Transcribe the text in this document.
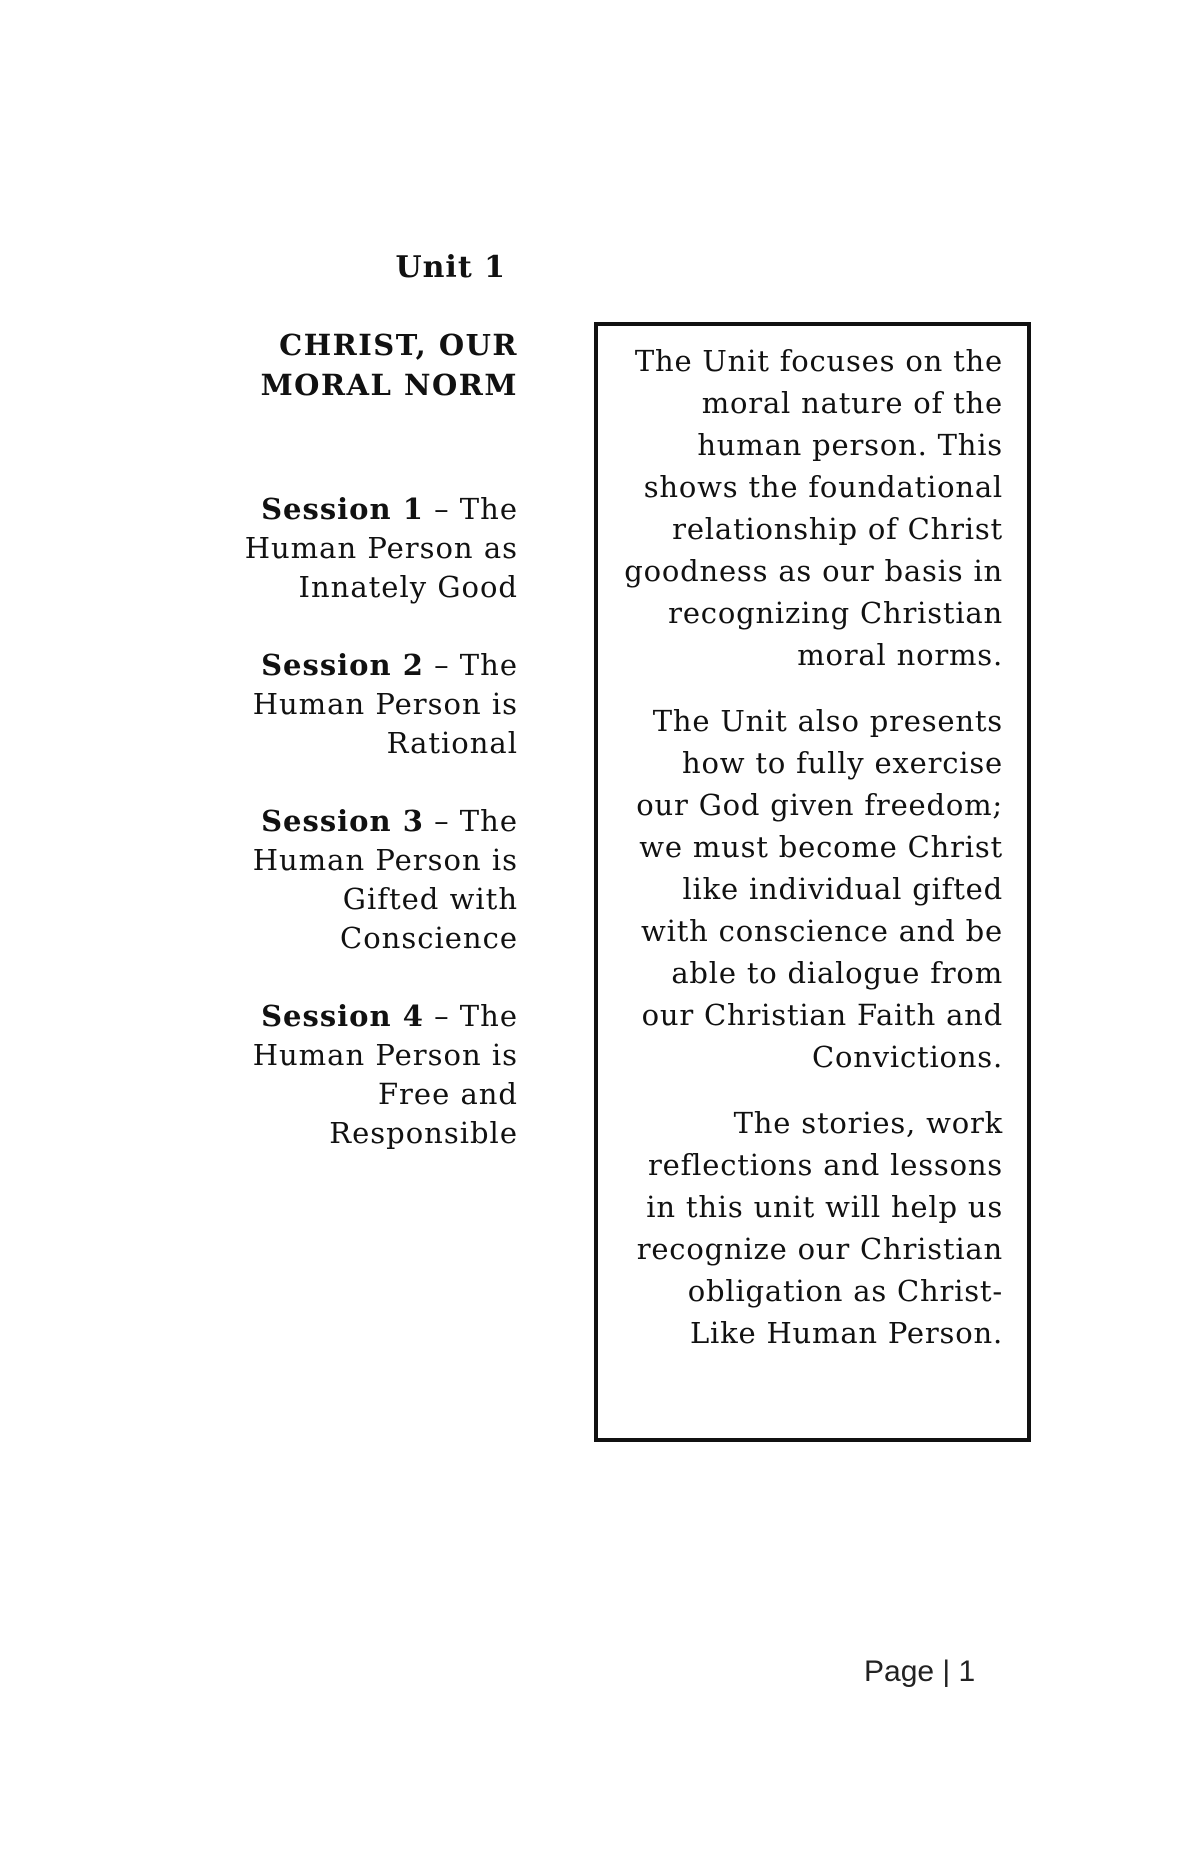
Unit 1

CHRIST, OUR
MORAL NORM

Session 1 – The Human Person as Innately Good

Session 2 – The Human Person is Rational

Session 3 – The Human Person is Gifted with Conscience

Session 4 – The Human Person is Free and Responsible

The Unit focuses on the moral nature of the human person. This shows the foundational relationship of Christ goodness as our basis in recognizing Christian moral norms.

The Unit also presents how to fully exercise our God given freedom; we must become Christ like individual gifted with conscience and be able to dialogue from our Christian Faith and Convictions.

The stories, work reflections and lessons in this unit will help us recognize our Christian obligation as Christ-Like Human Person.

Page | 1
